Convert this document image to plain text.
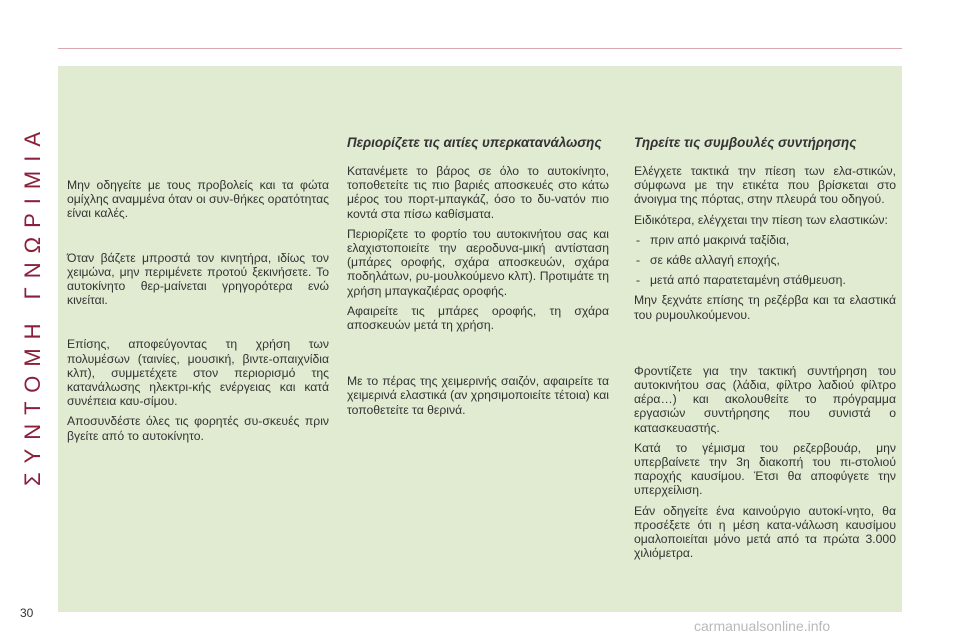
ΣΥΝΤΟΜΗ ΓΝΩΡΙΜΙΑ Μην οδηγείτε με τους προβολείς και τα φώτα ομίχλης αναμμένα όταν οι συν-θήκες ορατότητας είναι καλές.

Όταν βάζετε μπροστά τον κινητήρα, ιδίως τον χειμώνα, μην περιμένετε προτού ξεκινήσετε. Το αυτοκίνητο θερ-μαίνεται γρηγορότερα ενώ κινείται.

Επίσης, αποφεύγοντας τη χρήση των πολυμέσων (ταινίες, μουσική, βιντε-οπαιχνίδια κλπ), συμμετέχετε στον περιορισμό της κατανάλωσης ηλεκτρι-κής ενέργειας και κατά συνέπεια καυ-σίμου.

Αποσυνδέστε όλες τις φορητές συ-σκευές πριν βγείτε από το αυτοκίνητο.

Περιορίζετε τις αιτίες υπερκατανάλωσης

Κατανέμετε το βάρος σε όλο το αυτοκίνητο, τοποθετείτε τις πιο βαριές αποσκευές στο κάτω μέρος του πορτ-μπαγκάζ, όσο το δυ-νατόν πιο κοντά στα πίσω καθίσματα.

Περιορίζετε το φορτίο του αυτοκινήτου σας και ελαχιστοποιείτε την αεροδυνα-μική αντίσταση (μπάρες οροφής, σχάρα αποσκευών, σχάρα ποδηλάτων, ρυ-μουλκούμενο κλπ). Προτιμάτε τη χρήση μπαγκαζιέρας οροφής.

Αφαιρείτε τις μπάρες οροφής, τη σχάρα αποσκευών μετά τη χρήση.

Με το πέρας της χειμερινής σαιζόν, αφαιρείτε τα χειμερινά ελαστικά (αν χρησιμοποιείτε τέτοια) και τοποθετείτε τα θερινά.

Τηρείτε τις συμβουλές συντήρησης

Ελέγχετε τακτικά την πίεση των ελα-στικών, σύμφωνα με την ετικέτα που βρίσκεται στο άνοιγμα της πόρτας, στην πλευρά του οδηγού.

Ειδικότερα, ελέγχεται την πίεση των ελαστικών:

- πριν από μακρινά ταξίδια,
- σε κάθε αλλαγή εποχής,
- μετά από παρατεταμένη στάθμευση.

Μην ξεχνάτε επίσης τη ρεζέρβα και τα ελαστικά του ρυμουλκούμενου.

Φροντίζετε για την τακτική συντήρηση του αυτοκινήτου σας (λάδια, φίλτρο λαδιού φίλτρο αέρα…) και ακολουθείτε το πρόγραμμα εργασιών συντήρησης που συνιστά ο κατασκευαστής.

Κατά το γέμισμα του ρεζερβουάρ, μην υπερβαίνετε την 3η διακοπή του πι-στολιού παροχής καυσίμου. Έτσι θα αποφύγετε την υπερχείλιση.

Εάν οδηγείτε ένα καινούργιο αυτοκί-νητο, θα προσέξετε ότι η μέση κατα-νάλωση καυσίμου ομαλοποιείται μόνο μετά από τα πρώτα 3.000 χιλιόμετρα.

30
carmanualsonline.info
